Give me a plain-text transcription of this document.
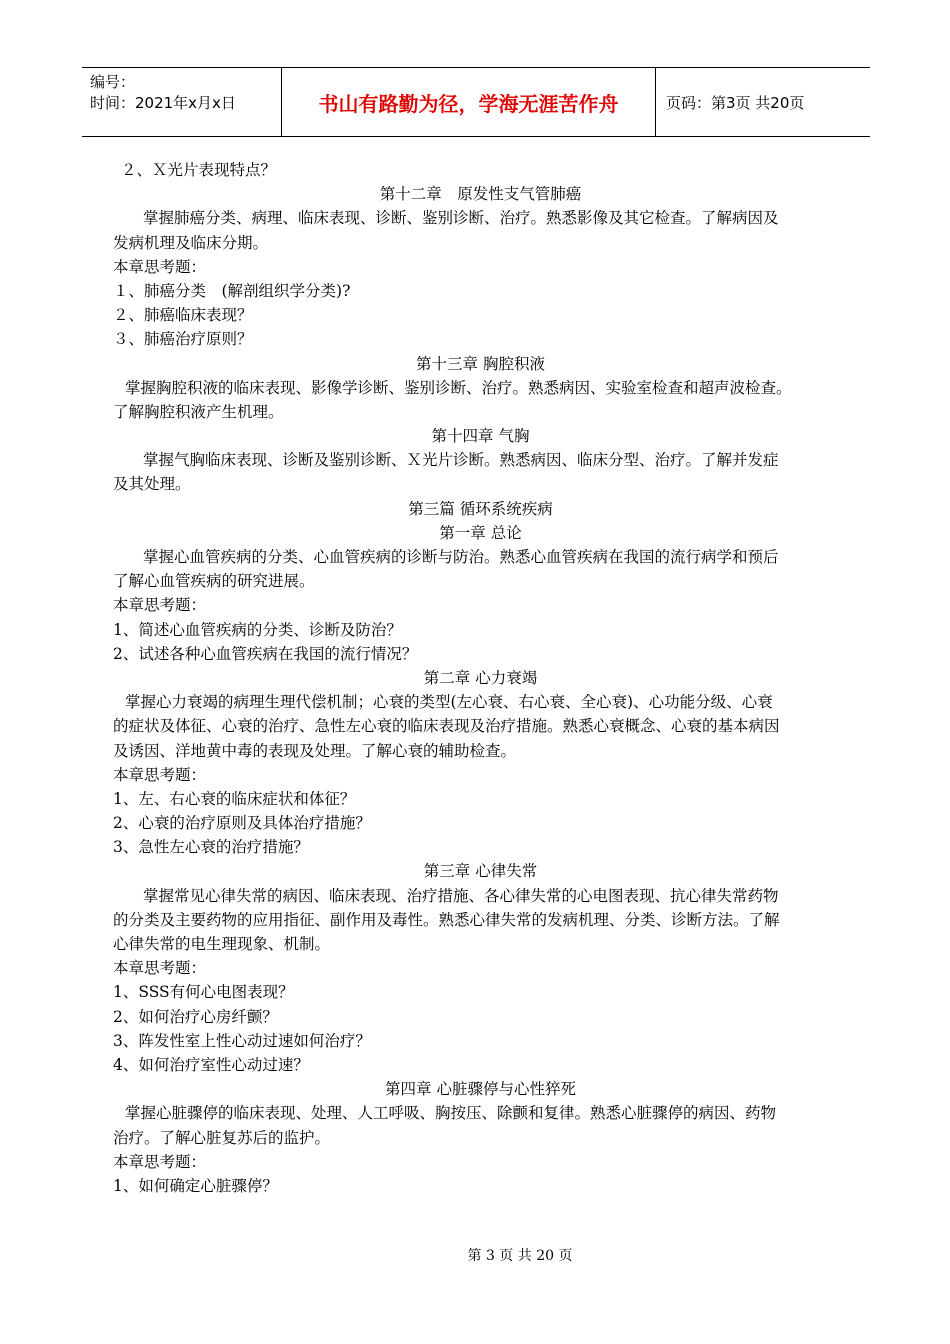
编号：
时间：2021年x月x日	书山有路勤为径，学海无涯苦作舟	页码：第3页 共20页
２、Ｘ光片表现特点？
第十二章　原发性支气管肺癌
掌握肺癌分类、病理、临床表现、诊断、鉴别诊断、治疗。熟悉影像及其它检查。了解病因及
发病机理及临床分期。
本章思考题：
１、肺癌分类　(解剖组织学分类)?
２、肺癌临床表现？
３、肺癌治疗原则？
第十三章 胸腔积液
掌握胸腔积液的临床表现、影像学诊断、鉴别诊断、治疗。熟悉病因、实验室检查和超声波检查。
了解胸腔积液产生机理。
第十四章 气胸
掌握气胸临床表现、诊断及鉴别诊断、Ｘ光片诊断。熟悉病因、临床分型、治疗。了解并发症
及其处理。
第三篇 循环系统疾病
第一章 总论
掌握心血管疾病的分类、心血管疾病的诊断与防治。熟悉心血管疾病在我国的流行病学和预后
了解心血管疾病的研究进展。
本章思考题：
1、简述心血管疾病的分类、诊断及防治？
2、试述各种心血管疾病在我国的流行情况？
第二章 心力衰竭
掌握心力衰竭的病理生理代偿机制；心衰的类型(左心衰、右心衰、全心衰)、心功能分级、心衰
的症状及体征、心衰的治疗、急性左心衰的临床表现及治疗措施。熟悉心衰概念、心衰的基本病因
及诱因、洋地黄中毒的表现及处理。了解心衰的辅助检查。
本章思考题：
1、左、右心衰的临床症状和体征？
2、心衰的治疗原则及具体治疗措施？
3、急性左心衰的治疗措施？
第三章 心律失常
掌握常见心律失常的病因、临床表现、治疗措施、各心律失常的心电图表现、抗心律失常药物
的分类及主要药物的应用指征、副作用及毒性。熟悉心律失常的发病机理、分类、诊断方法。了解
心律失常的电生理现象、机制。
本章思考题：
1、SSS有何心电图表现？
2、如何治疗心房纤颤？
3、阵发性室上性心动过速如何治疗？
4、如何治疗室性心动过速？
第四章 心脏骤停与心性猝死
掌握心脏骤停的临床表现、处理、人工呼吸、胸按压、除颤和复律。熟悉心脏骤停的病因、药物
治疗。了解心脏复苏后的监护。
本章思考题：
1、如何确定心脏骤停？
第 3 页 共 20 页
